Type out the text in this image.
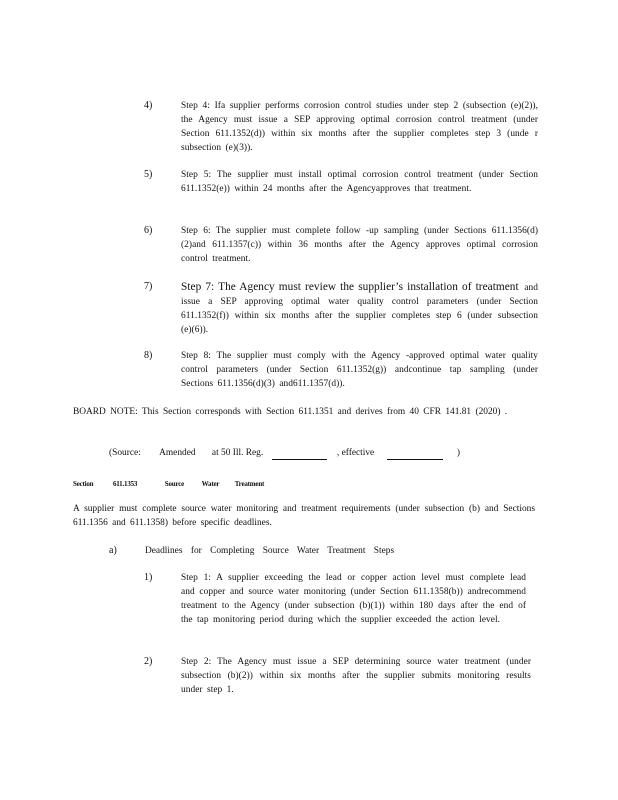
4)	Step 4: Ifa supplier performs corrosion control studies under step 2 (subsection (e)(2)), the Agency must issue a SEP approving optimal corrosion control treatment (under Section 611.1352(d)) within six months after the supplier completes step 3 (unde r subsection (e)(3)).
5)	Step 5: The supplier must install optimal corrosion control treatment (under Section 611.1352(e)) within 24 months after the Agencyapproves that treatment.
6)	Step 6: The supplier must complete follow -up sampling (under Sections 611.1356(d)(2)and 611.1357(c)) within 36 months after the Agency approves optimal corrosion control treatment.
7)	Step 7: The Agency must review the supplier’s installation of treatment and issue a SEP approving optimal water quality control parameters (under Section 611.1352(f)) within six months after the supplier completes step 6 (under subsection (e)(6)).
8)	Step 8: The supplier must comply with the Agency -approved optimal water quality control parameters (under Section 611.1352(g)) andcontinue tap sampling (under Sections 611.1356(d)(3) and611.1357(d)).
BOARD NOTE: This Section corresponds with Section 611.1351 and derives from 40 CFR 141.81 (2020) .
(Source: Amended at 50 Ill. Reg.	, effective	)
Section	611.1353	Source	Water Treatment
A supplier must complete source water monitoring and treatment requirements (under subsection (b) and Sections 611.1356 and 611.1358) before specific deadlines.
a)	Deadlines for Completing Source Water Treatment Steps
1)	Step 1: A supplier exceeding the lead or copper action level must complete lead and copper and source water monitoring (under Section 611.1358(b)) andrecommend treatment to the Agency (under subsection (b)(1)) within 180 days after the end of the tap monitoring period during which the supplier exceeded the action level.
2)	Step 2: The Agency must issue a SEP determining source water treatment (under subsection (b)(2)) within six months after the supplier submits monitoring results under step 1.
